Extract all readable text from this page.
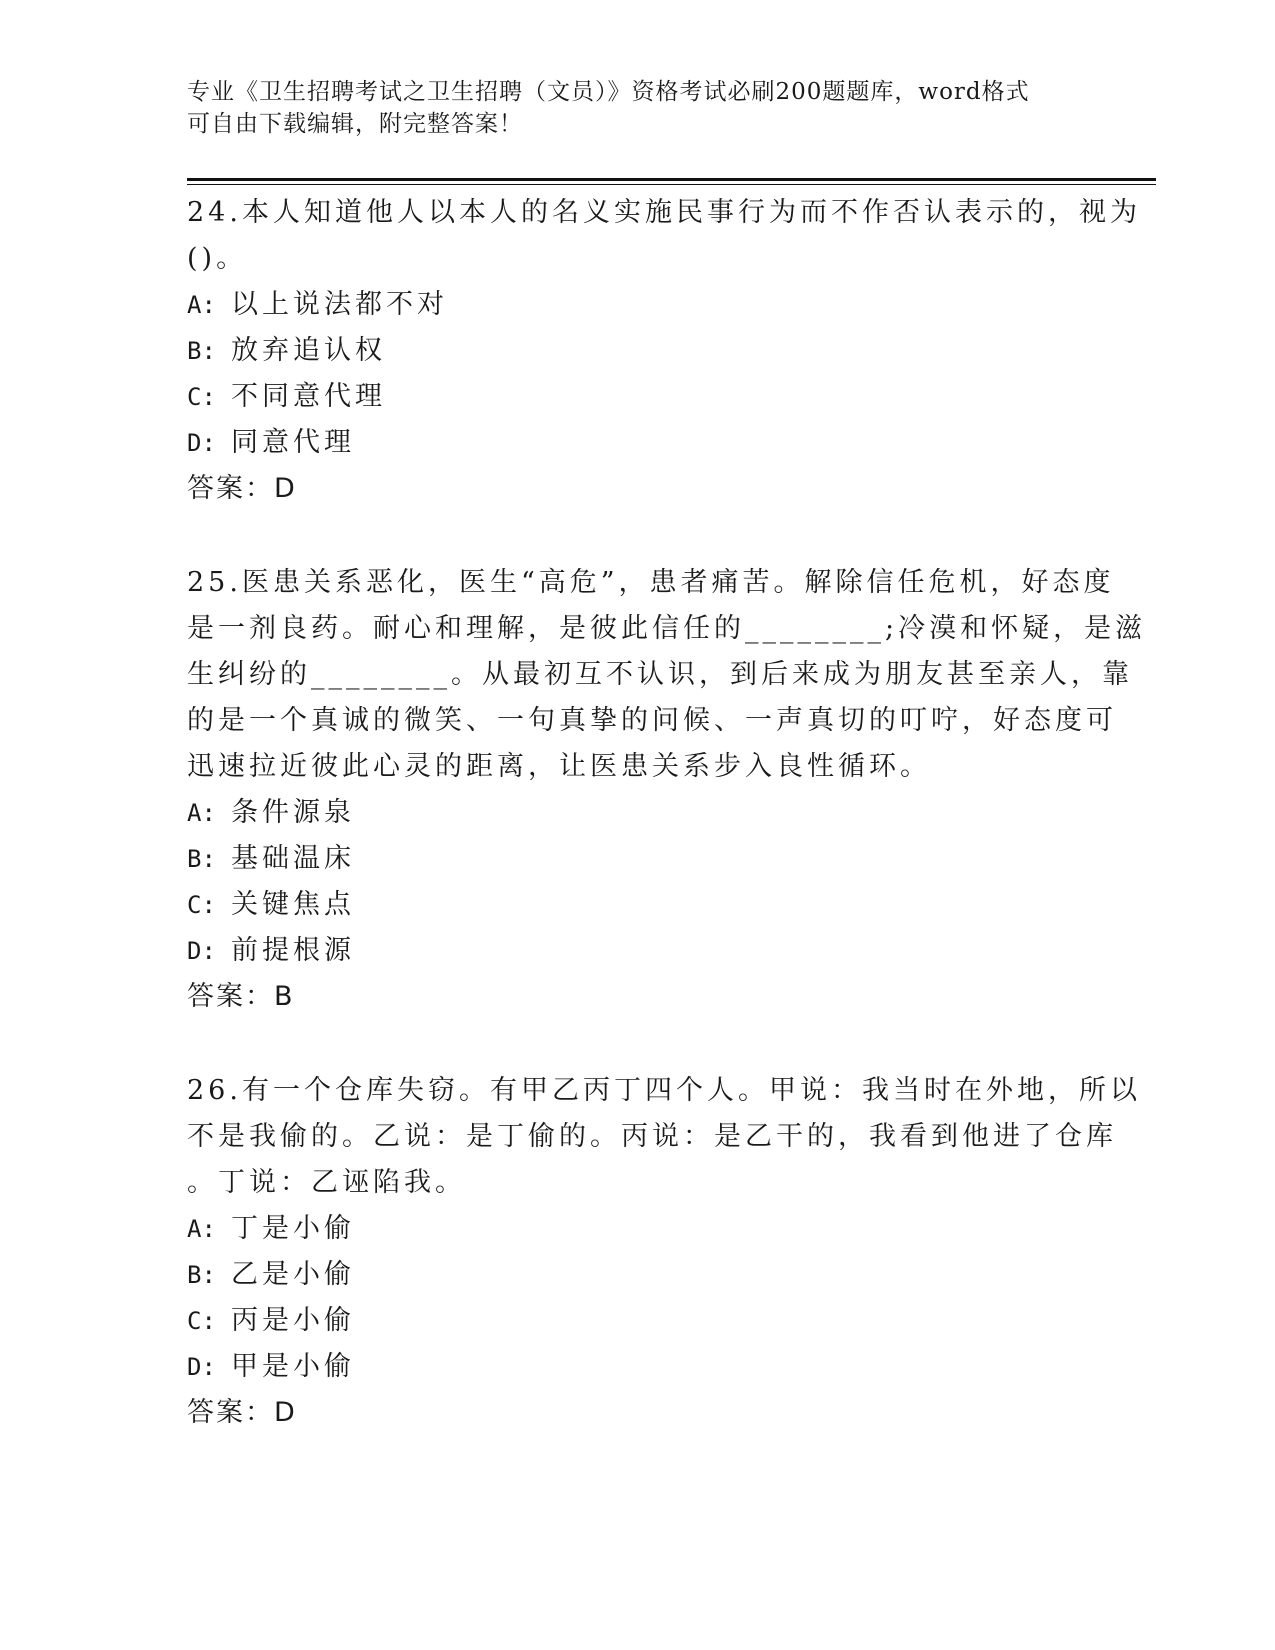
专业《卫生招聘考试之卫生招聘（文员）》资格考试必刷200题题库，word格式
可自由下载编辑，附完整答案！
24.本人知道他人以本人的名义实施民事行为而不作否认表示的，视为
()。
A: 以上说法都不对
B: 放弃追认权
C: 不同意代理
D: 同意代理
答案：D
25.医患关系恶化，医生“高危”，患者痛苦。解除信任危机，好态度
是一剂良药。耐心和理解，是彼此信任的________;冷漠和怀疑，是滋
生纠纷的________。从最初互不认识，到后来成为朋友甚至亲人，靠
的是一个真诚的微笑、一句真挚的问候、一声真切的叮咛，好态度可
迅速拉近彼此心灵的距离，让医患关系步入良性循环。
A: 条件源泉
B: 基础温床
C: 关键焦点
D: 前提根源
答案：B
26.有一个仓库失窃。有甲乙丙丁四个人。甲说：我当时在外地，所以
不是我偷的。乙说：是丁偷的。丙说：是乙干的，我看到他进了仓库
。丁说：乙诬陷我。
A: 丁是小偷
B: 乙是小偷
C: 丙是小偷
D: 甲是小偷
答案：D
